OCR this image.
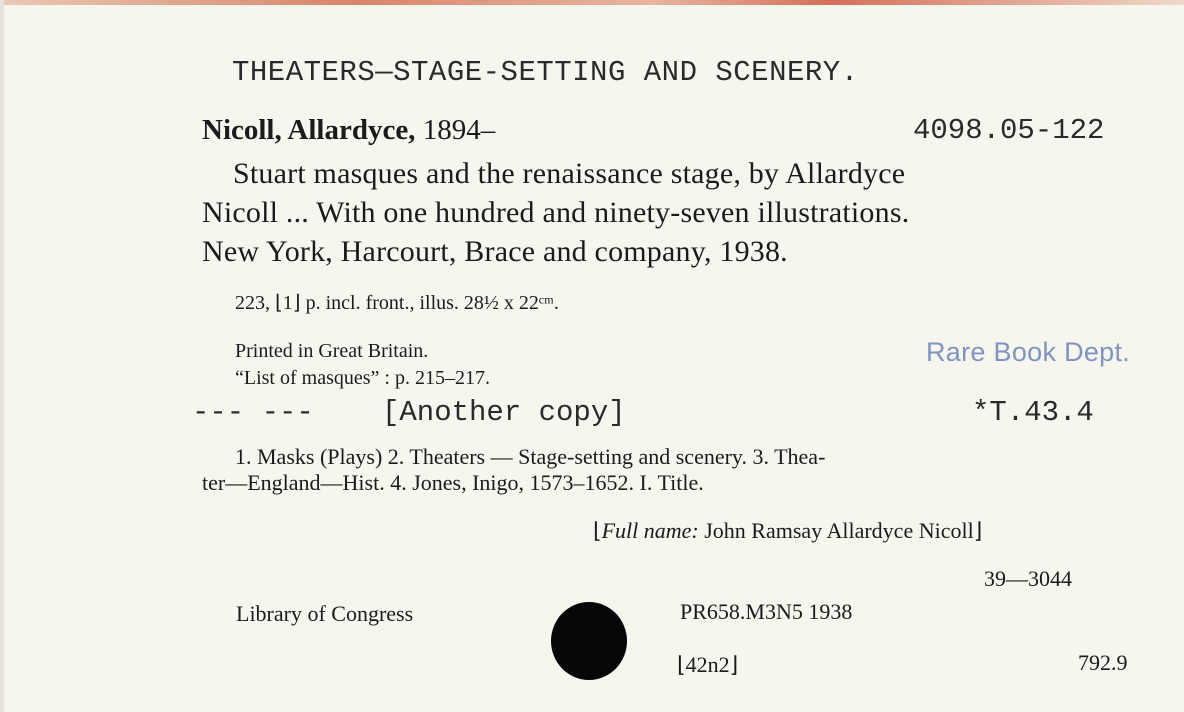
THEATERS—STAGE-SETTING AND SCENERY.
Nicoll, Allardyce, 1894–	4098.05-122
Stuart masques and the renaissance stage, by Allardyce
Nicoll ... With one hundred and ninety-seven illustrations.
New York, Harcourt, Brace and company, 1938.
223, ⌊1⌋ p. incl. front., illus. 28½ x 22ᶜᵐ.
Printed in Great Britain.
“List of masques” : p. 215–217.
Rare Book Dept.
--- --- [Another copy]	*T.43.4
1. Masks (Plays) 2. Theaters — Stage-setting and scenery. 3. Thea-
ter—England—Hist. 4. Jones, Inigo, 1573–1652. I. Title.
⌊Full name: John Ramsay Allardyce Nicoll⌋
39—3044
Library of Congress	PR658.M3N5 1938
⌊42n2⌋	792.9
